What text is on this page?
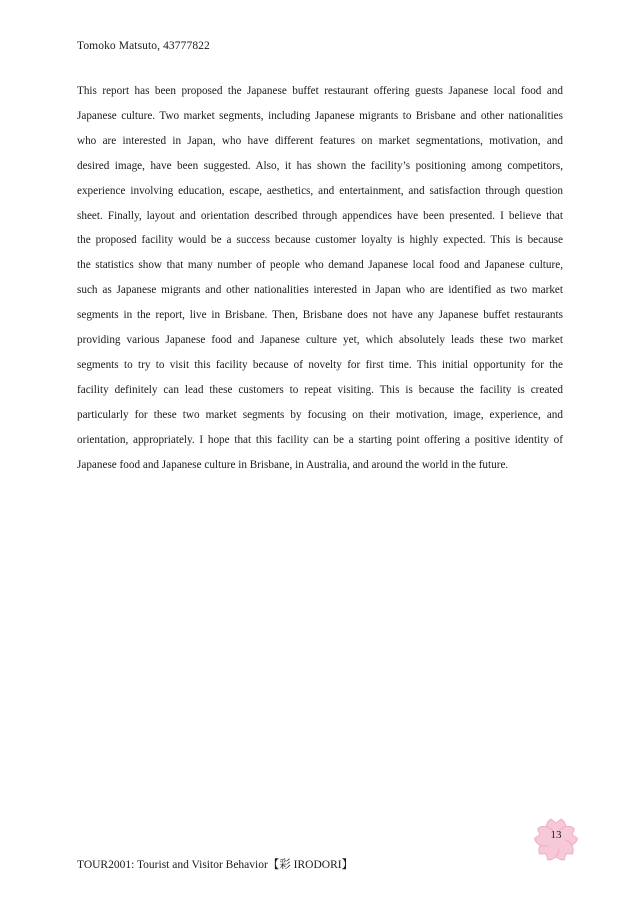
Tomoko Matsuto, 43777822
This report has been proposed the Japanese buffet restaurant offering guests Japanese local food and
Japanese culture. Two market segments, including Japanese migrants to Brisbane and other nationalities
who are interested in Japan, who have different features on market segmentations, motivation, and
desired image, have been suggested. Also, it has shown the facility’s positioning among competitors,
experience involving education, escape, aesthetics, and entertainment, and satisfaction through question
sheet. Finally, layout and orientation described through appendices have been presented. I believe that
the proposed facility would be a success because customer loyalty is highly expected. This is because
the statistics show that many number of people who demand Japanese local food and Japanese culture,
such as Japanese migrants and other nationalities interested in Japan who are identified as two market
segments in the report, live in Brisbane. Then, Brisbane does not have any Japanese buffet restaurants
providing various Japanese food and Japanese culture yet, which absolutely leads these two market
segments to try to visit this facility because of novelty for first time. This initial opportunity for the
facility definitely can lead these customers to repeat visiting. This is because the facility is created
particularly for these two market segments by focusing on their motivation, image, experience, and
orientation, appropriately. I hope that this facility can be a starting point offering a positive identity of
Japanese food and Japanese culture in Brisbane, in Australia, and around the world in the future.
13
TOUR2001: Tourist and Visitor Behavior【彩 IRODORI】
